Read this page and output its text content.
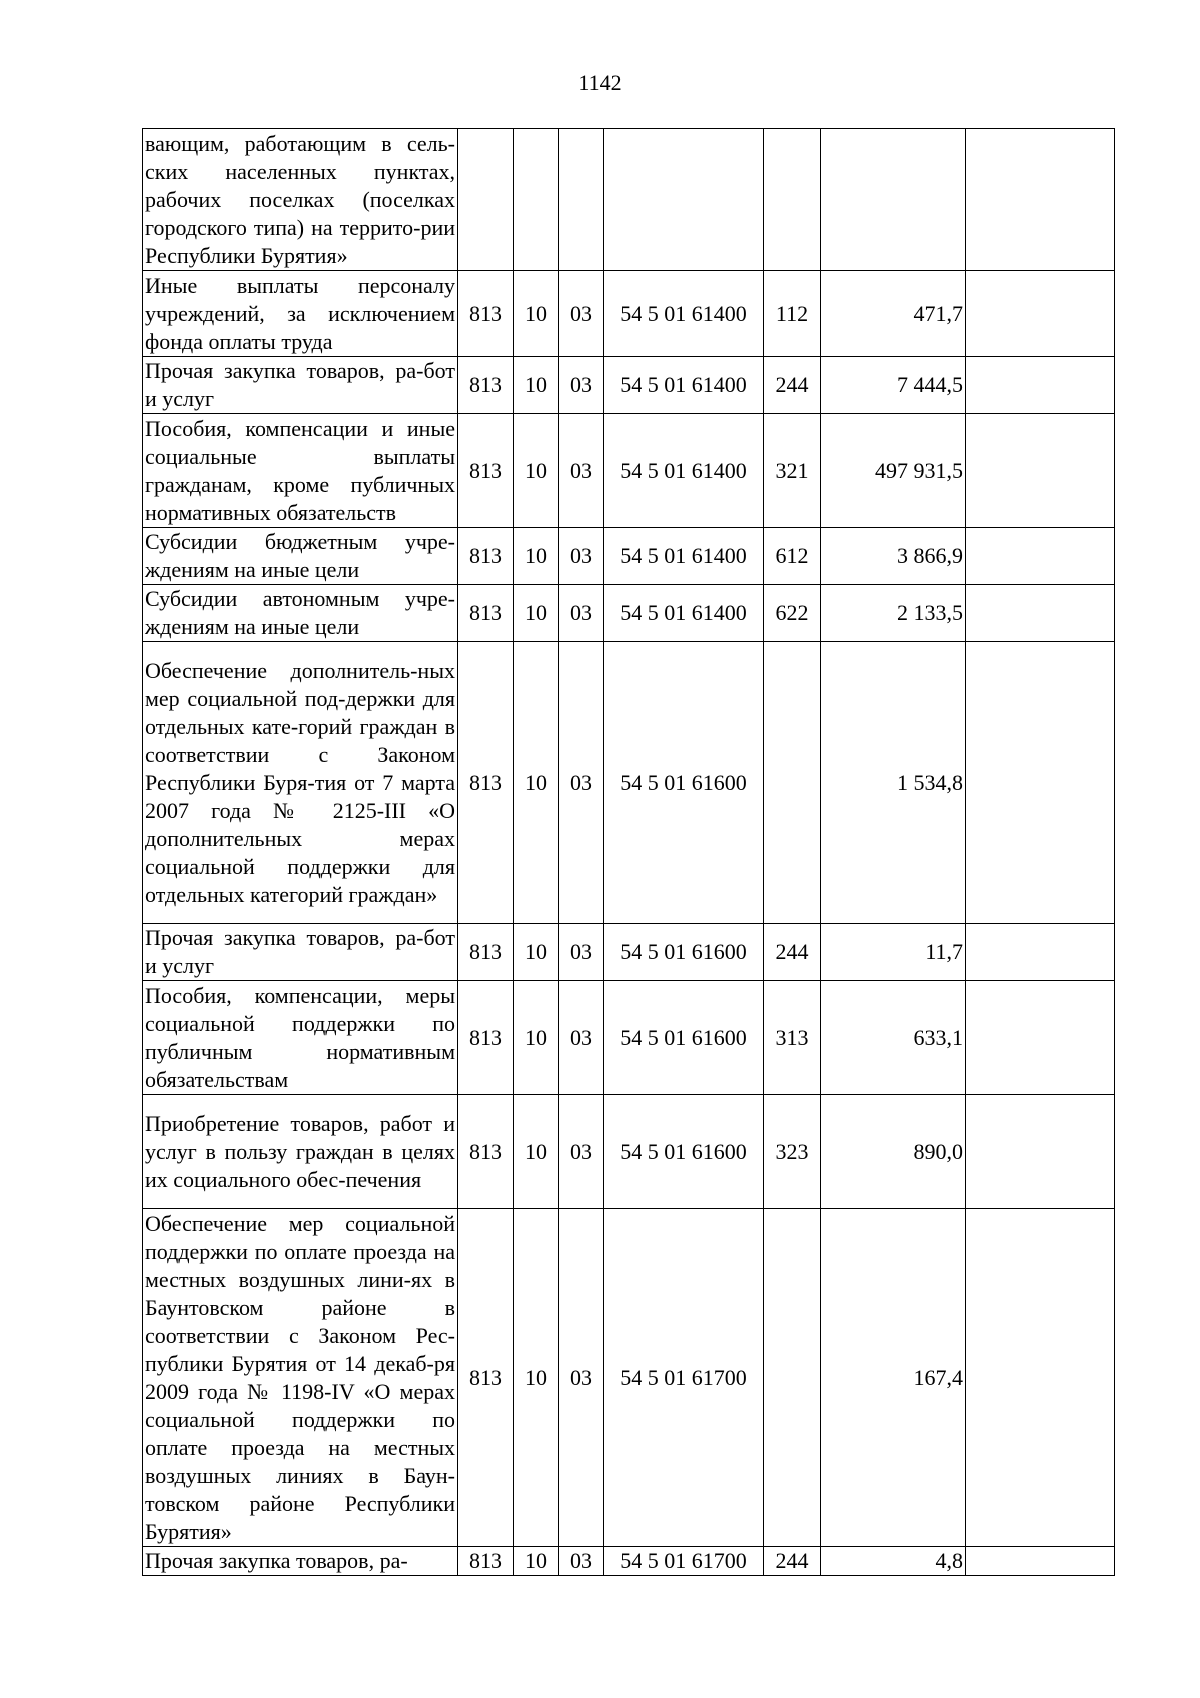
1142
вающим, работающим в сель-ских населенных пунктах, рабочих поселках (поселках городского типа) на террито-рии Республики Бурятия»							
Иные выплаты персоналу учреждений, за исключением фонда оплаты труда	813	10	03	54 5 01 61400	112	471,7	
Прочая закупка товаров, ра-бот и услуг	813	10	03	54 5 01 61400	244	7 444,5	
Пособия, компенсации и иные социальные выплаты гражданам, кроме публичных нормативных обязательств	813	10	03	54 5 01 61400	321	497 931,5	
Субсидии бюджетным учре-ждениям на иные цели	813	10	03	54 5 01 61400	612	3 866,9	
Субсидии автономным учре-ждениям на иные цели	813	10	03	54 5 01 61400	622	2 133,5	
Обеспечение дополнитель-ных мер социальной под-держки для отдельных кате-горий граждан в соответствии с Законом Республики Буря-тия от 7 марта 2007 года № 2125-III «О дополнительных мерах социальной поддержки для отдельных категорий граждан»	813	10	03	54 5 01 61600		1 534,8	
Прочая закупка товаров, ра-бот и услуг	813	10	03	54 5 01 61600	244	11,7	
Пособия, компенсации, меры социальной поддержки по публичным нормативным обязательствам	813	10	03	54 5 01 61600	313	633,1	
Приобретение товаров, работ и услуг в пользу граждан в целях их социального обес-печения	813	10	03	54 5 01 61600	323	890,0	
Обеспечение мер социальной поддержки по оплате проезда на местных воздушных лини-ях в Баунтовском районе в соответствии с Законом Рес-публики Бурятия от 14 декаб-ря 2009 года № 1198-IV «О мерах социальной поддержки по оплате проезда на местных воздушных линиях в Баун-товском районе Республики Бурятия»	813	10	03	54 5 01 61700		167,4	
Прочая закупка товаров, ра-	813	10	03	54 5 01 61700	244	4,8	
